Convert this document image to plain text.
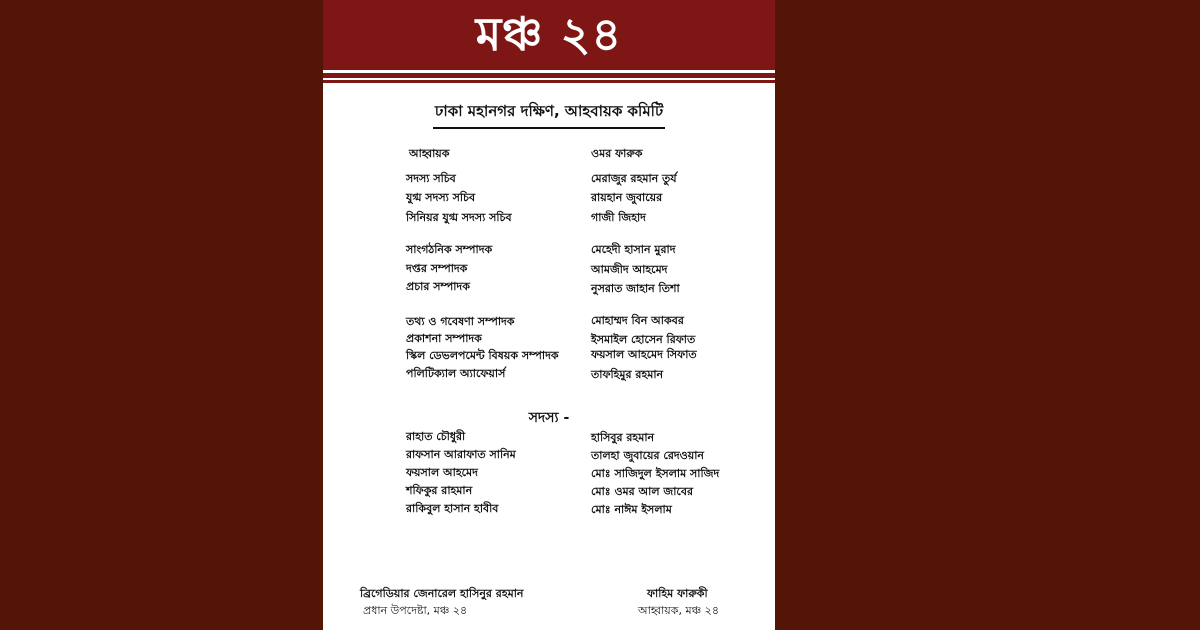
মঞ্চ ২৪
ঢাকা মহানগর দক্ষিণ, আহবায়ক কমিটি
আহ্বায়ক	ওমর ফারুক
সদস্য সচিব	মেরাজুর রহমান তুর্য
যুগ্ম সদস্য সচিব	রায়হান জুবায়ের
সিনিয়র যুগ্ম সদস্য সচিব	গাজী জিহাদ
সাংগঠনিক সম্পাদক	মেহেদী হাসান মুরাদ
দপ্তর সম্পাদক	আমজীদ আহমেদ
প্রচার সম্পাদক	নুসরাত জাহান তিশা
তথ্য ও গবেষণা সম্পাদক	মোহাম্মদ বিন আকবর
প্রকাশনা সম্পাদক	ইসমাইল হোসেন রিফাত
স্কিল ডেভলপমেন্ট বিষয়ক সম্পাদক	ফয়সাল আহমেদ সিফাত
পলিটিক্যাল অ্যাফেয়ার্স	তাফহিমুর রহমান
সদস্য -
রাহাত চৌধুরী	হাসিবুর রহমান
রাফসান আরাফাত সানিম	তালহা জুবায়ের রেদওয়ান
ফয়সাল আহমেদ	মোঃ সাজিদুল ইসলাম সাজিদ
শফিকুর রাহমান	মোঃ ওমর আল জাবের
রাকিবুল হাসান হাবীব	মোঃ নাঈম ইসলাম
ব্রিগেডিয়ার জেনারেল হাসিনুর রহমান
প্রধান উপদেষ্টা, মঞ্চ ২৪
ফাহিম ফারুকী
আহ্বায়ক, মঞ্চ ২৪
